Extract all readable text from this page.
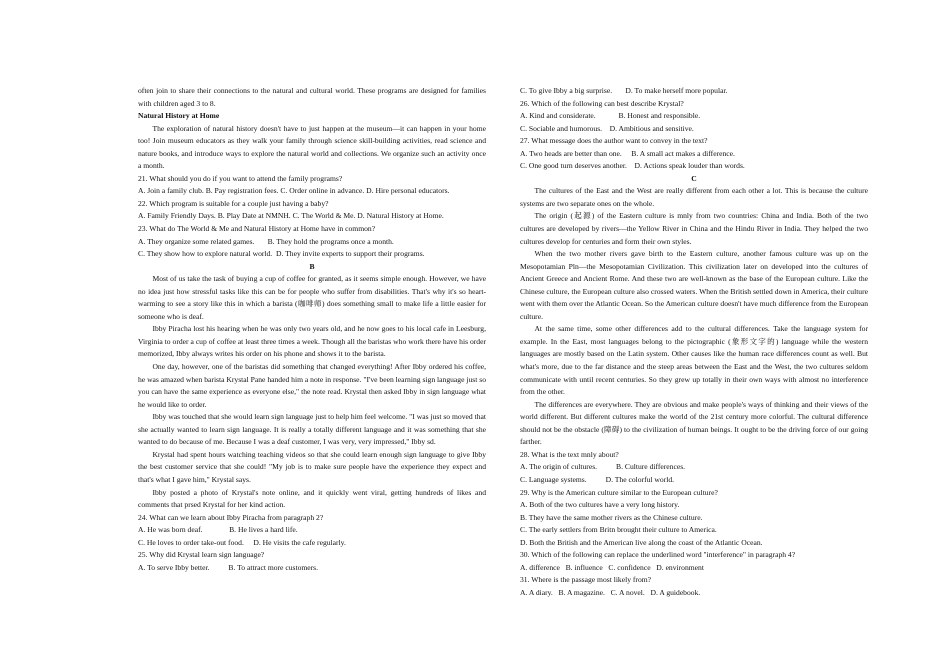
often join to share their connections to the natural and cultural world. These programs are designed for families with children aged 3 to 8.

Natural History at Home

The exploration of natural history doesn't have to just happen at the museum—it can happen in your home too! Join museum educators as they walk your family through science skill-building activities, read science and nature books, and introduce ways to explore the natural world and collections. We organize such an activity once a month.

21. What should you do if you want to attend the family programs?

A. Join a family club. B. Pay registration fees. C. Order online in advance. D. Hire personal educators.

22. Which program is suitable for a couple just having a baby?

A. Family Friendly Days. B. Play Date at NMNH. C. The World & Me. D. Natural History at Home.

23. What do The World & Me and Natural History at Home have in common?

A. They organize some related games.       B. They hold the programs once a month.

C. They show how to explore natural world.  D. They invite experts to support their programs.

B

Most of us take the task of buying a cup of coffee for granted, as it seems simple enough. However, we have no idea just how stressful tasks like this can be for people who suffer from disabilities. That's why it's so heart-warming to see a story like this in which a barista (咖啡师) does something small to make life a little easier for someone who is deaf.

Ibby Piracha lost his hearing when he was only two years old, and he now goes to his local cafe in Leesburg, Virginia to order a cup of coffee at least three times a week. Though all the baristas who work there have his order memorized, Ibby always writes his order on his phone and shows it to the barista.

One day, however, one of the baristas did something that changed everything! After Ibby ordered his coffee, he was amazed when barista Krystal Pane handed him a note in response. "I've been learning sign language just so you can have the same experience as everyone else," the note read. Krystal then asked Ibby in sign language what he would like to order.

Ibby was touched that she would learn sign language just to help him feel welcome. "I was just so moved that she actually wanted to learn sign language. It is really a totally different language and it was something that she wanted to do because of me. Because I was a deaf customer, I was very, very impressed," Ibby sd.

Krystal had spent hours watching teaching videos so that she could learn enough sign language to give Ibby the best customer service that she could! "My job is to make sure people have the experience they expect and that's what I gave him," Krystal says.

Ibby posted a photo of Krystal's note online, and it quickly went viral, getting hundreds of likes and comments that prsed Krystal for her kind action.

24. What can we learn about Ibby Piracha from paragraph 2?

A. He was born deaf.              B. He lives a hard life.

C. He loves to order take-out food.     D. He visits the cafe regularly.

25. Why did Krystal learn sign language?

A. To serve Ibby better.          B. To attract more customers.

C. To give Ibby a big surprise.       D. To make herself more popular.

26. Which of the following can best describe Krystal?

A. Kind and considerate.            B. Honest and responsible.

C. Sociable and humorous.    D. Ambitious and sensitive.

27. What message does the author want to convey in the text?

A. Two heads are better than one.     B. A small act makes a difference.

C. One good turn deserves another.    D. Actions speak louder than words.

C

The cultures of the East and the West are really different from each other a lot. This is because the culture systems are two separate ones on the whole.

The origin (起源) of the Eastern culture is mnly from two countries: China and India. Both of the two cultures are developed by rivers—the Yellow River in China and the Hindu River in India. They helped the two cultures develop for centuries and form their own styles.

When the two mother rivers gave birth to the Eastern culture, another famous culture was up on the Mesopotamian Pln—the Mesopotamian Civilization. This civilization later on developed into the cultures of Ancient Greece and Ancient Rome. And these two are well-known as the base of the European culture. Like the Chinese culture, the European culture also crossed waters. When the British settled down in America, their culture went with them over the Atlantic Ocean. So the American culture doesn't have much difference from the European culture.

At the same time, some other differences add to the cultural differences. Take the language system for example. In the East, most languages belong to the pictographic (象形文字的) language while the western languages are mostly based on the Latin system. Other causes like the human race differences count as well. But what's more, due to the far distance and the steep areas between the East and the West, the two cultures seldom communicate with until recent centuries. So they grew up totally in their own ways with almost no interference from the other.

The differences are everywhere. They are obvious and make people's ways of thinking and their views of the world different. But different cultures make the world of the 21st century more colorful. The cultural difference should not be the obstacle (障碍) to the civilization of human beings. It ought to be the driving force of our going farther.

28. What is the text mnly about?

A. The origin of cultures.          B. Culture differences.

C. Language systems.          D. The colorful world.

29. Why is the American culture similar to the European culture?

A. Both of the two cultures have a very long history.

B. They have the same mother rivers as the Chinese culture.

C. The early settlers from Britn brought their culture to America.

D. Both the British and the American live along the coast of the Atlantic Ocean.

30. Which of the following can replace the underlined word "interference" in paragraph 4?

A. difference   B. influence   C. confidence   D. environment

31. Where is the passage most likely from?

A. A diary.   B. A magazine.   C. A novel.   D. A guidebook.
